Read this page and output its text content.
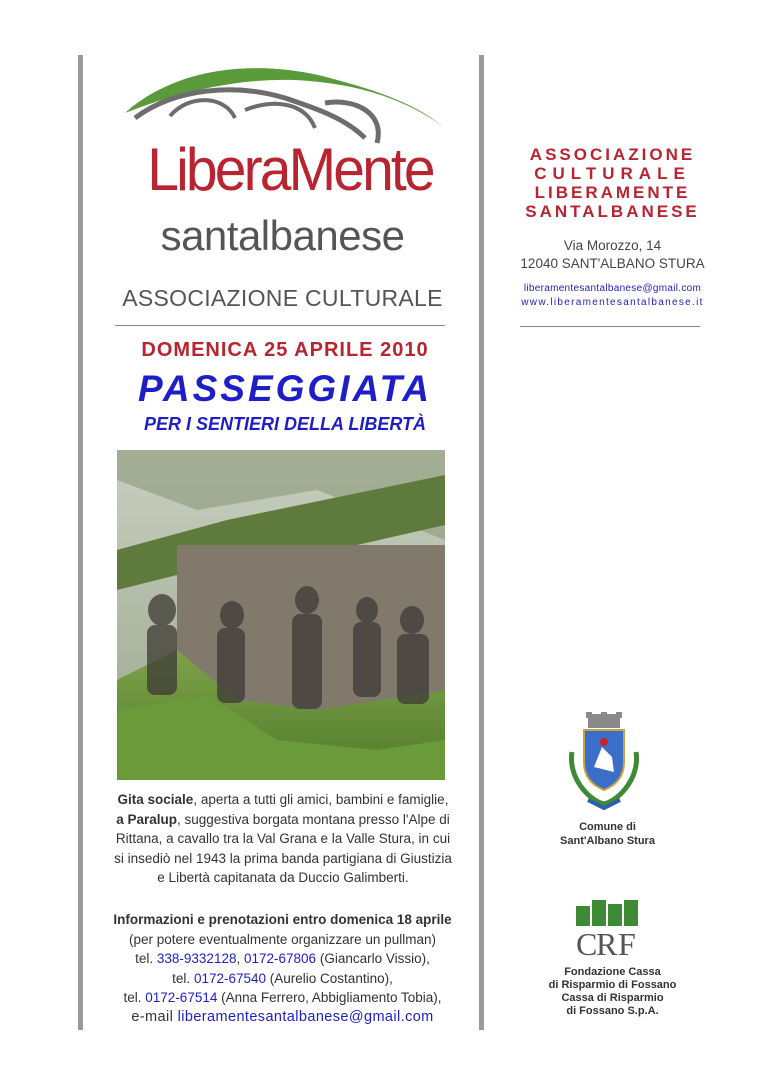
LiberaMente
santalbanese
ASSOCIAZIONE CULTURALE
DOMENICA 25 APRILE 2010
PASSEGGIATA
PER I SENTIERI DELLA LIBERTÀ
Gita sociale, aperta a tutti gli amici, bambini e famiglie, a Paralup, suggestiva borgata montana presso l'Alpe di Rittana, a cavallo tra la Val Grana e la Valle Stura, in cui si insediò nel 1943 la prima banda partigiana di Giustizia e Libertà capitanata da Duccio Galimberti.
Informazioni e prenotazioni entro domenica 18 aprile
(per potere eventualmente organizzare un pullman)
tel. 338-9332128, 0172-67806 (Giancarlo Vissio),
tel. 0172-67540 (Aurelio Costantino),
tel. 0172-67514 (Anna Ferrero, Abbigliamento Tobia),
e-mail liberamentesantalbanese@gmail.com
ASSOCIAZIONE
CULTURALE
LIBERAMENTE
SANTALBANESE
Via Morozzo, 14
12040 SANT'ALBANO STURA
liberamentesantalbanese@gmail.com
www.liberamentesantalbanese.it
Comune di
Sant'Albano Stura
C
R F
Fondazione Cassa
di Risparmio di Fossano
Cassa di Risparmio
di Fossano S.p.A.
